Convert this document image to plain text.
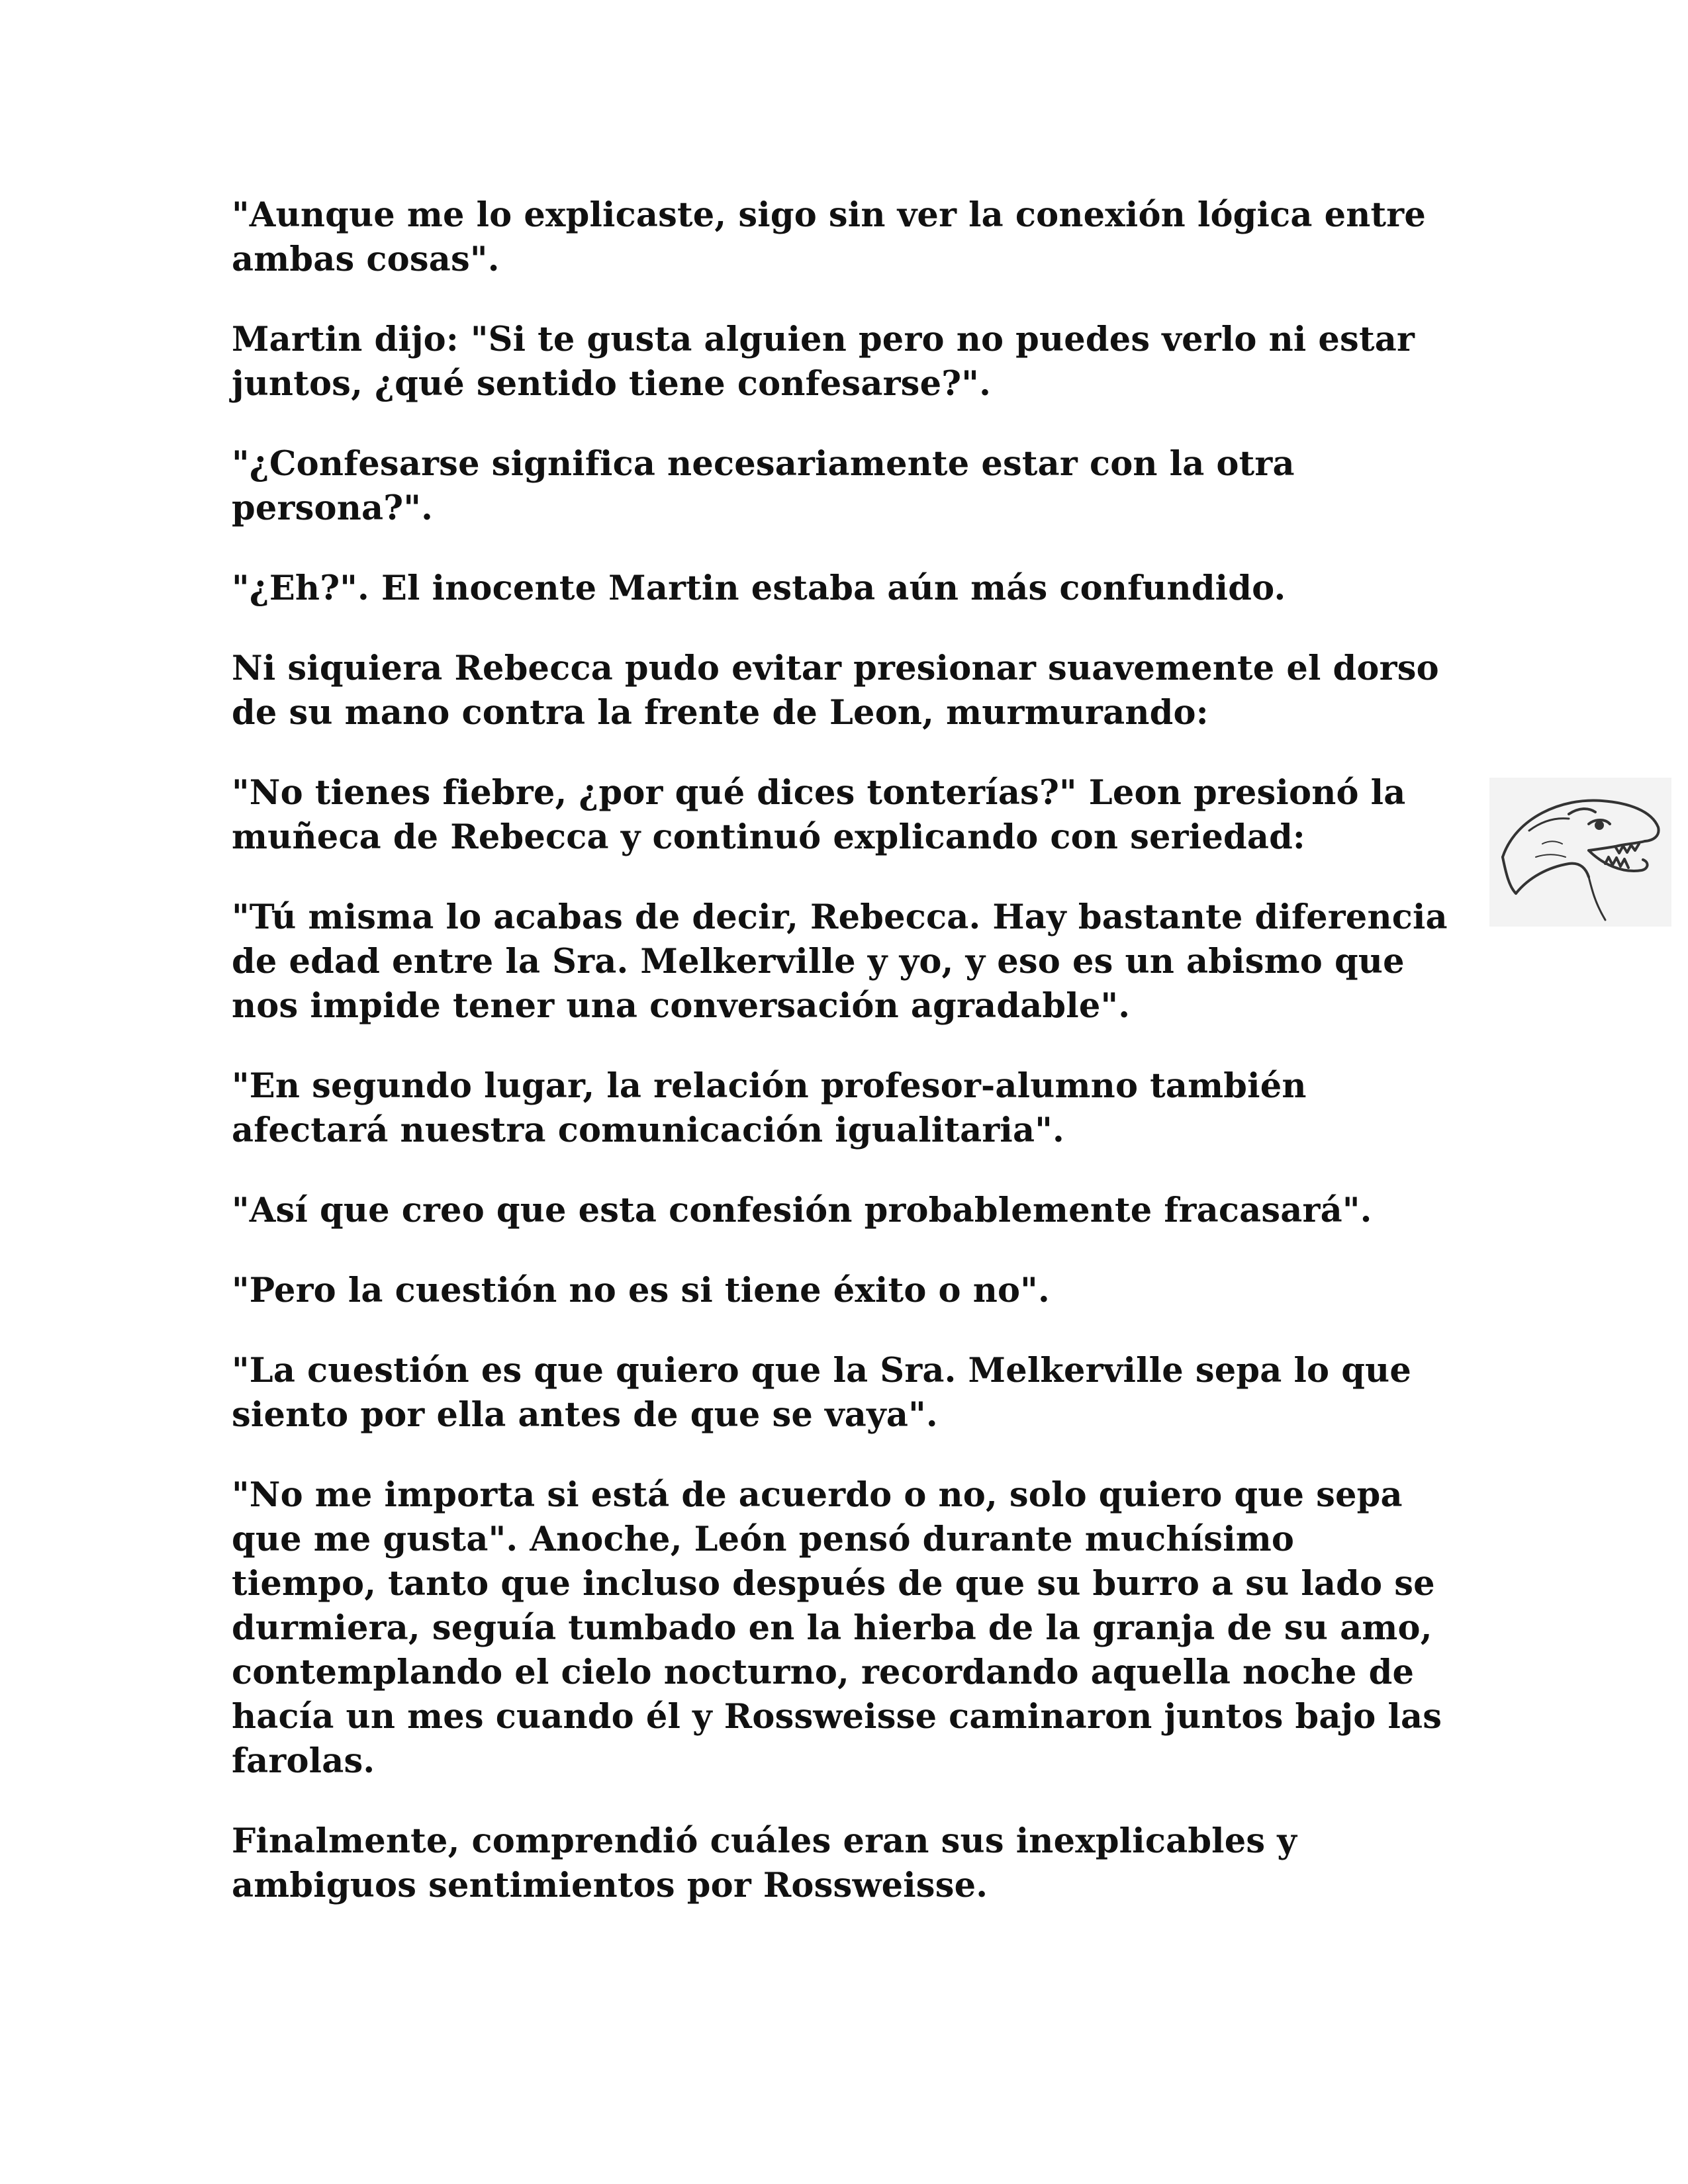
"Aunque me lo explicaste, sigo sin ver la conexión lógica entre ambas cosas".

Martin dijo: "Si te gusta alguien pero no puedes verlo ni estar juntos, ¿qué sentido tiene confesarse?".

"¿Confesarse significa necesariamente estar con la otra persona?".

"¿Eh?". El inocente Martin estaba aún más confundido.

Ni siquiera Rebecca pudo evitar presionar suavemente el dorso de su mano contra la frente de Leon, murmurando:

"No tienes fiebre, ¿por qué dices tonterías?" Leon presionó la muñeca de Rebecca y continuó explicando con seriedad:

"Tú misma lo acabas de decir, Rebecca. Hay bastante diferencia de edad entre la Sra. Melkerville y yo, y eso es un abismo que nos impide tener una conversación agradable".

"En segundo lugar, la relación profesor-alumno también afectará nuestra comunicación igualitaria".

"Así que creo que esta confesión probablemente fracasará".

"Pero la cuestión no es si tiene éxito o no".

"La cuestión es que quiero que la Sra. Melkerville sepa lo que siento por ella antes de que se vaya".

"No me importa si está de acuerdo o no, solo quiero que sepa que me gusta". Anoche, León pensó durante muchísimo tiempo, tanto que incluso después de que su burro a su lado se durmiera, seguía tumbado en la hierba de la granja de su amo, contemplando el cielo nocturno, recordando aquella noche de hacía un mes cuando él y Rossweisse caminaron juntos bajo las farolas.

Finalmente, comprendió cuáles eran sus inexplicables y ambiguos sentimientos por Rossweisse.
